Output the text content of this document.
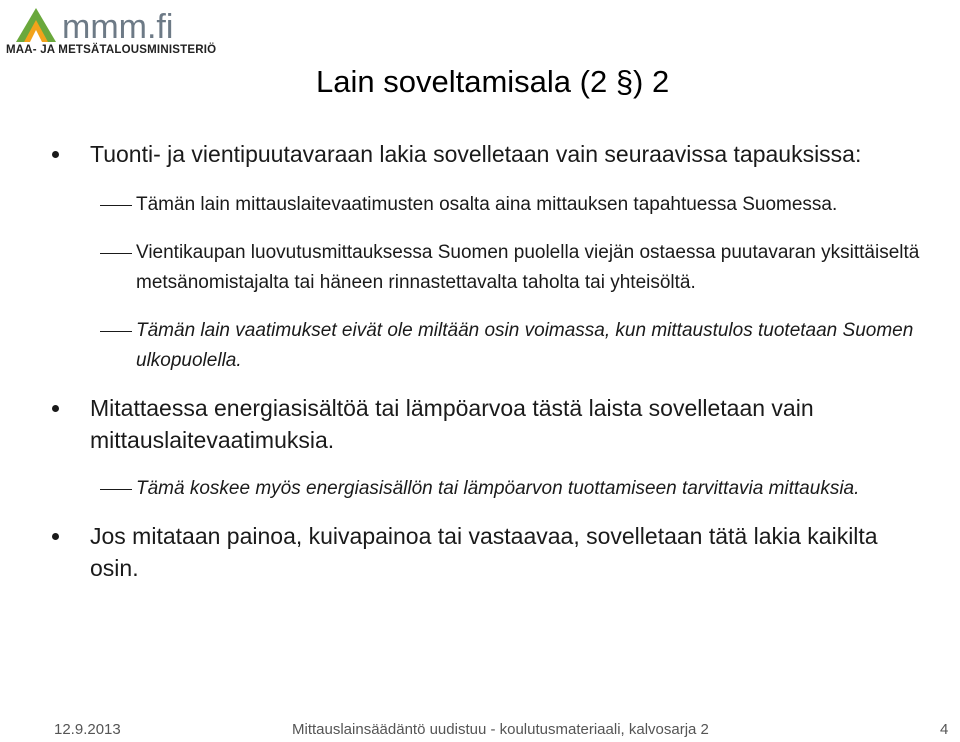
mmm.fi
MAA- JA METSÄTALOUSMINISTERIÖ
Lain soveltamisala (2 §) 2
Tuonti- ja vientipuutavaraan lakia sovelletaan vain seuraavissa tapauksissa:
Tämän lain mittauslaitevaatimusten osalta aina mittauksen tapahtuessa Suomessa.
Vientikaupan luovutusmittauksessa Suomen puolella viejän ostaessa puutavaran yksittäiseltä metsänomistajalta tai häneen rinnastettavalta taholta tai yhteisöltä.
Tämän lain vaatimukset eivät ole miltään osin voimassa, kun mittaustulos tuotetaan Suomen ulkopuolella.
Mitattaessa energiasisältöä tai lämpöarvoa tästä laista sovelletaan vain mittauslaitevaatimuksia.
Tämä koskee myös energiasisällön tai lämpöarvon tuottamiseen tarvittavia mittauksia.
Jos mitataan painoa, kuivapainoa tai vastaavaa, sovelletaan tätä lakia kaikilta osin.
12.9.2013	Mittauslainsäädäntö uudistuu - koulutusmateriaali, kalvosarja 2	4
